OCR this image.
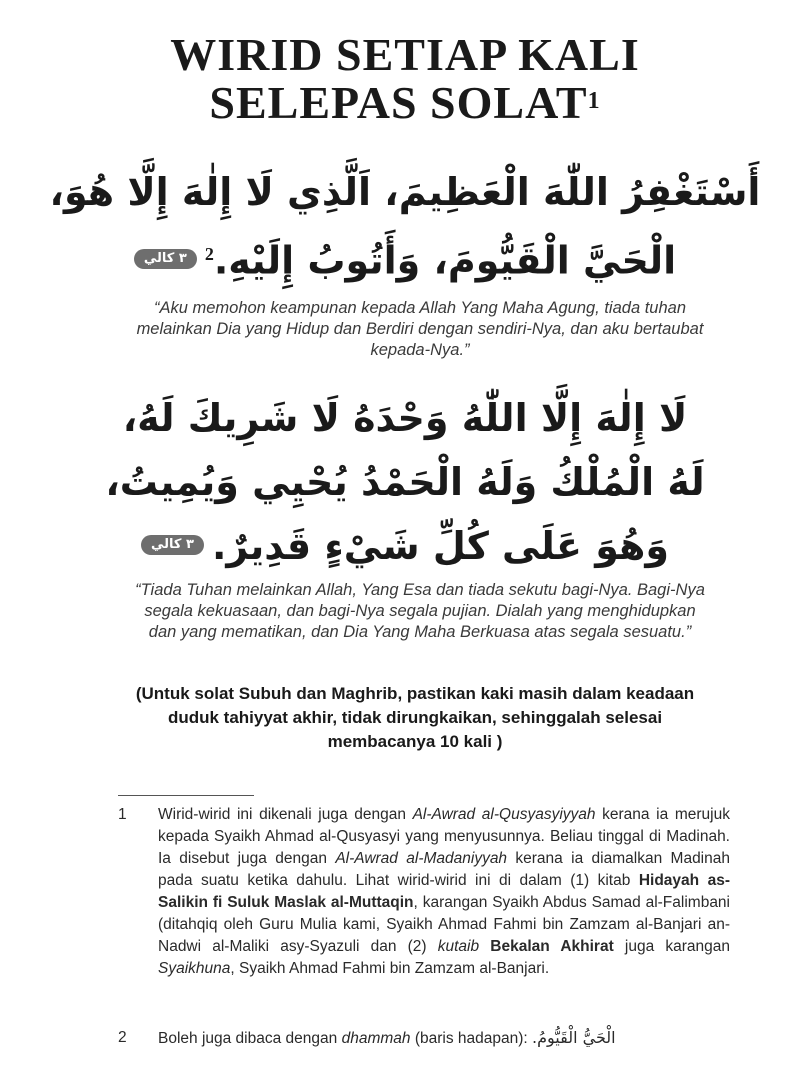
WIRID SETIAP KALI
SELEPAS SOLAT$^1$
أَسْتَغْفِرُ اللّٰهَ الْعَظِيمَ، اَلَّذِي لَا إِلٰهَ إِلَّا هُوَ،
الْحَيَّ الْقَيُّومَ، وَأَتُوبُ إِلَيْهِ.2٣ كالي
“Aku memohon keampunan kepada Allah Yang Maha Agung, tiada tuhan melainkan Dia yang Hidup dan Berdiri dengan sendiri-Nya, dan aku bertaubat kepada-Nya.”
لَا إِلٰهَ إِلَّا اللّٰهُ وَحْدَهُ لَا شَرِيكَ لَهُ،
لَهُ الْمُلْكُ وَلَهُ الْحَمْدُ يُحْيِي وَيُمِيتُ،
وَهُوَ عَلَى كُلِّ شَيْءٍ قَدِيرٌ.٣ كالي
“Tiada Tuhan melainkan Allah, Yang Esa dan tiada sekutu bagi-Nya. Bagi-Nya segala kekuasaan, dan bagi-Nya segala pujian. Dialah yang menghidupkan dan yang mematikan, dan Dia Yang Maha Berkuasa atas segala sesuatu.”
(Untuk solat Subuh dan Maghrib, pastikan kaki masih dalam keadaan duduk tahiyyat akhir, tidak dirungkaikan, sehinggalah selesai membacanya 10 kali )
1	Wirid-wirid ini dikenali juga dengan Al-Awrad al-Qusyasyiyyah kerana ia merujuk kepada Syaikh Ahmad al-Qusyasyi yang menyusunnya. Beliau tinggal di Madinah. Ia disebut juga dengan Al-Awrad al-Madaniyyah kerana ia diamalkan Madinah pada suatu ketika dahulu. Lihat wirid-wirid ini di dalam (1) kitab Hidayah as-Salikin fi Suluk Maslak al-Muttaqin, karangan Syaikh Abdus Samad al-Falimbani (ditahqiq oleh Guru Mulia kami, Syaikh Ahmad Fahmi bin Zamzam al-Banjari an-Nadwi al-Maliki asy-Syazuli dan (2) kutaib Bekalan Akhirat juga karangan Syaikhuna, Syaikh Ahmad Fahmi bin Zamzam al-Banjari.
2	Boleh juga dibaca dengan dhammah (baris hadapan): الْحَيُّ الْقَيُّومُ.
